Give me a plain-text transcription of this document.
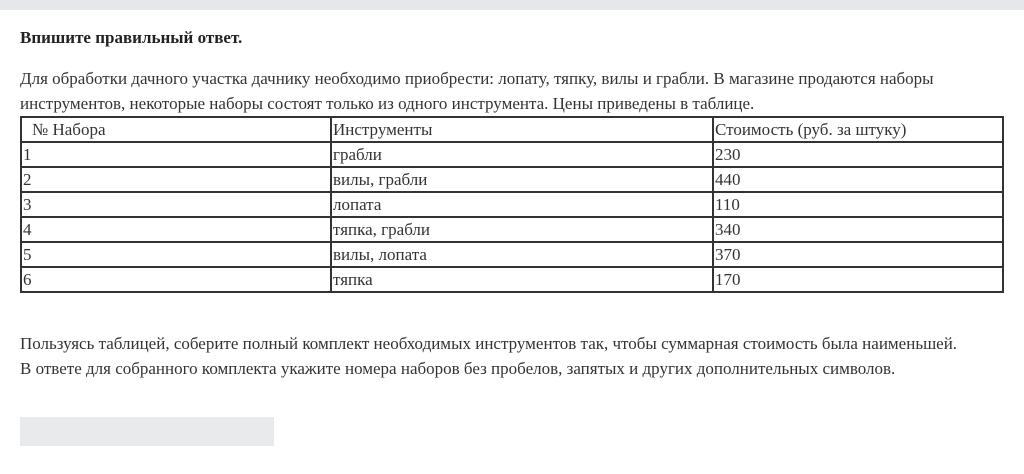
Впишите правильный ответ.
Для обработки дачного участка дачнику необходимо приобрести: лопату, тяпку, вилы и грабли. В магазине продаются наборы инструментов, некоторые наборы состоят только из одного инструмента. Цены приведены в таблице.
№ Набора	Инструменты	Стоимость (руб. за штуку)
1	грабли	230
2	вилы, грабли	440
3	лопата	110
4	тяпка, грабли	340
5	вилы, лопата	370
6	тяпка	170
Пользуясь таблицей, соберите полный комплект необходимых инструментов так, чтобы суммарная стоимость была наименьшей.
В ответе для собранного комплекта укажите номера наборов без пробелов, запятых и других дополнительных символов.
